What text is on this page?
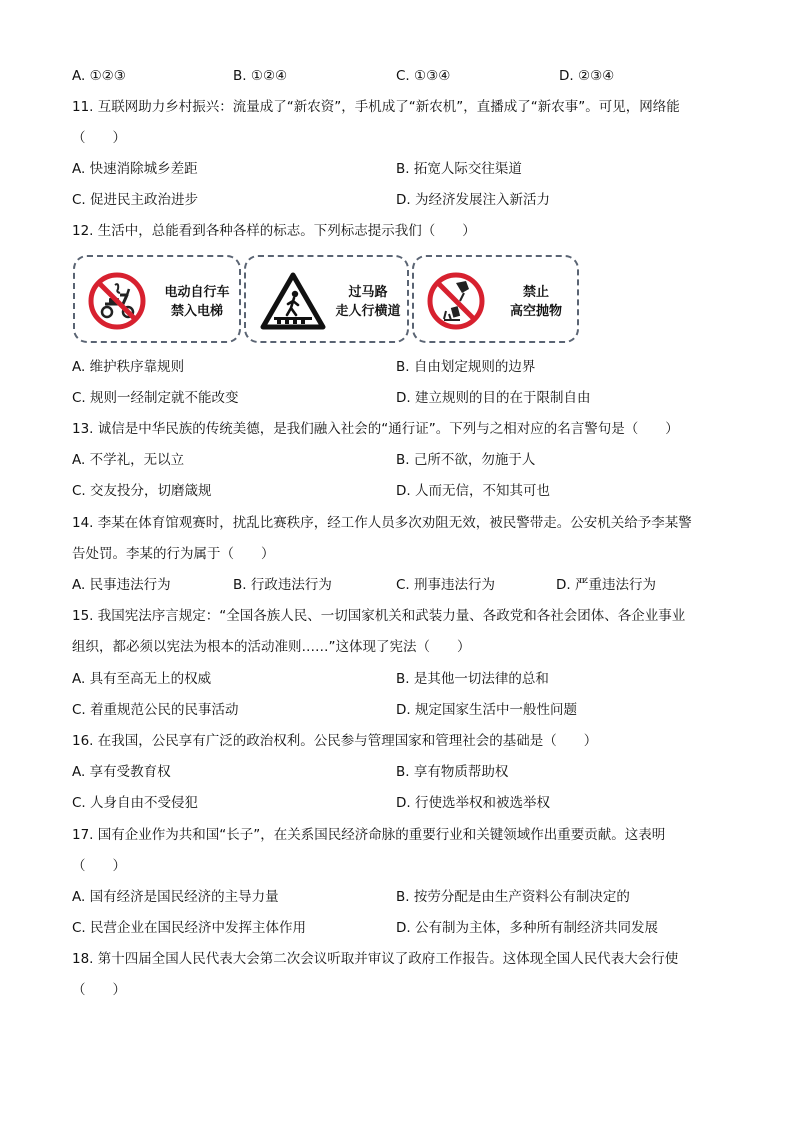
A. ①②③	B. ①②④	C. ①③④	D. ②③④
11. 互联网助力乡村振兴：流量成了“新农资”，手机成了“新农机”，直播成了“新农事”。可见，网络能
（　　）
A. 快速消除城乡差距	B. 拓宽人际交往渠道
C. 促进民主政治进步	D. 为经济发展注入新活力
12. 生活中，总能看到各种各样的标志。下列标志提示我们（　　）
电动自行车
禁入电梯
过马路
走人行横道
禁止
高空抛物
A. 维护秩序靠规则	B. 自由划定规则的边界
C. 规则一经制定就不能改变	D. 建立规则的目的在于限制自由
13. 诚信是中华民族的传统美德，是我们融入社会的“通行证”。下列与之相对应的名言警句是（　　）
A. 不学礼，无以立	B. 己所不欲，勿施于人
C. 交友投分，切磨箴规	D. 人而无信，不知其可也
14. 李某在体育馆观赛时，扰乱比赛秩序，经工作人员多次劝阻无效，被民警带走。公安机关给予李某警
告处罚。李某的行为属于（　　）
A. 民事违法行为	B. 行政违法行为	C. 刑事违法行为	D. 严重违法行为
15. 我国宪法序言规定：“全国各族人民、一切国家机关和武装力量、各政党和各社会团体、各企业事业
组织，都必须以宪法为根本的活动准则……”这体现了宪法（　　）
A. 具有至高无上的权威	B. 是其他一切法律的总和
C. 着重规范公民的民事活动	D. 规定国家生活中一般性问题
16. 在我国，公民享有广泛的政治权利。公民参与管理国家和管理社会的基础是（　　）
A. 享有受教育权	B. 享有物质帮助权
C. 人身自由不受侵犯	D. 行使选举权和被选举权
17. 国有企业作为共和国“长子”，在关系国民经济命脉的重要行业和关键领域作出重要贡献。这表明
（　　）
A. 国有经济是国民经济的主导力量	B. 按劳分配是由生产资料公有制决定的
C. 民营企业在国民经济中发挥主体作用	D. 公有制为主体，多种所有制经济共同发展
18. 第十四届全国人民代表大会第二次会议听取并审议了政府工作报告。这体现全国人民代表大会行使
（　　）
